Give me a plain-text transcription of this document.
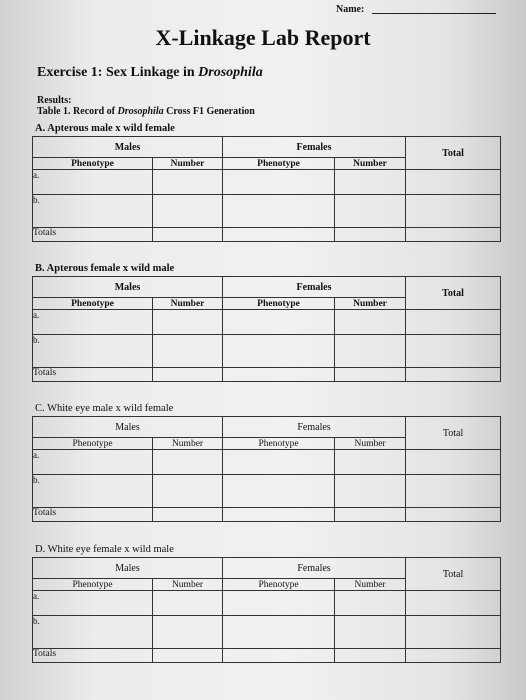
Name:
X-Linkage Lab Report
Exercise 1: Sex Linkage in Drosophila
Results:
Table 1. Record of Drosophila Cross F1 Generation
A. Apterous male x wild female
Males		Females		Total
Phenotype	Number	Phenotype	Number	
a.				
b.				
Totals				
B. Apterous female x wild male
Males		Females		Total
Phenotype	Number	Phenotype	Number	
a.				
b.				
Totals				
C. White eye male x wild female
Males		Females		Total
Phenotype	Number	Phenotype	Number	
a.				
b.				
Totals				
D. White eye female x wild male
Males		Females		Total
Phenotype	Number	Phenotype	Number	
a.				
b.				
Totals				
